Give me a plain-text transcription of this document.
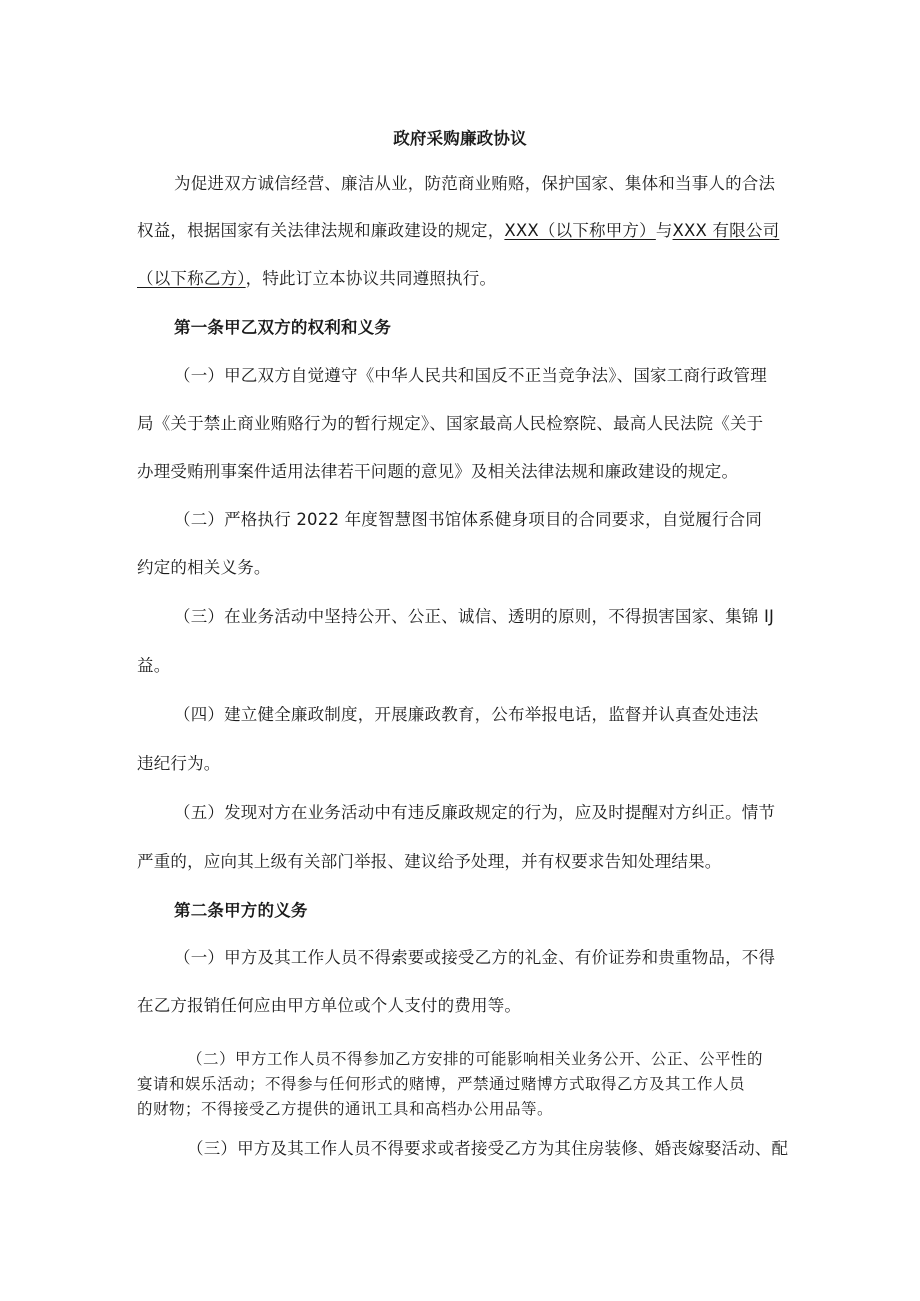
政府采购廉政协议

为促进双方诚信经营、廉洁从业，防范商业贿赂，保护国家、集体和当事人的合法

权益，根据国家有关法律法规和廉政建设的规定，XXX（以下称甲方）与XXX 有限公司

（以下称乙方），特此订立本协议共同遵照执行。

第一条甲乙双方的权利和义务

（一）甲乙双方自觉遵守《中华人民共和国反不正当竞争法》、国家工商行政管理

局《关于禁止商业贿赂行为的暂行规定》、国家最高人民检察院、最高人民法院《关于

办理受贿刑事案件适用法律若干问题的意见》及相关法律法规和廉政建设的规定。

（二）严格执行 2022 年度智慧图书馆体系健身项目的合同要求，自觉履行合同

约定的相关义务。

（三）在业务活动中坚持公开、公正、诚信、透明的原则，不得损害国家、集锦 IJ

益。

（四）建立健全廉政制度，开展廉政教育，公布举报电话，监督并认真查处违法

违纪行为。

（五）发现对方在业务活动中有违反廉政规定的行为，应及时提醒对方纠正。情节

严重的，应向其上级有关部门举报、建议给予处理，并有权要求告知处理结果。

第二条甲方的义务

（一）甲方及其工作人员不得索要或接受乙方的礼金、有价证券和贵重物品，不得

在乙方报销任何应由甲方单位或个人支付的费用等。

（二）甲方工作人员不得参加乙方安排的可能影响相关业务公开、公正、公平性的

宴请和娱乐活动；不得参与任何形式的赌博，严禁通过赌博方式取得乙方及其工作人员

的财物；不得接受乙方提供的通讯工具和高档办公用品等。

（三）甲方及其工作人员不得要求或者接受乙方为其住房装修、婚丧嫁娶活动、配
